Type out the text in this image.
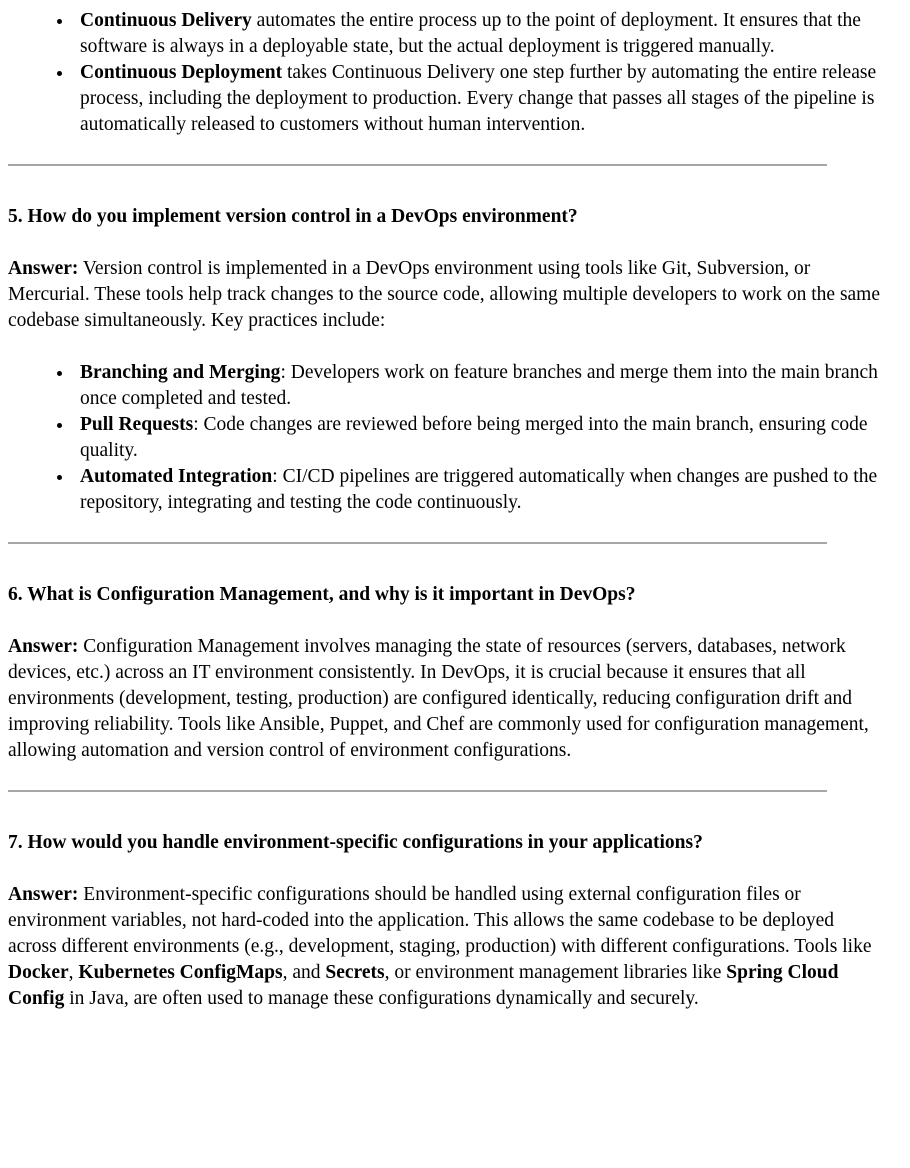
• Continuous Delivery automates the entire process up to the point of deployment. It ensures that the software is always in a deployable state, but the actual deployment is triggered manually.
• Continuous Deployment takes Continuous Delivery one step further by automating the entire release process, including the deployment to production. Every change that passes all stages of the pipeline is automatically released to customers without human intervention.
5. How do you implement version control in a DevOps environment?

Answer: Version control is implemented in a DevOps environment using tools like Git, Subversion, or Mercurial. These tools help track changes to the source code, allowing multiple developers to work on the same codebase simultaneously. Key practices include:

• Branching and Merging: Developers work on feature branches and merge them into the main branch once completed and tested.
• Pull Requests: Code changes are reviewed before being merged into the main branch, ensuring code quality.
• Automated Integration: CI/CD pipelines are triggered automatically when changes are pushed to the repository, integrating and testing the code continuously.
6. What is Configuration Management, and why is it important in DevOps?

Answer: Configuration Management involves managing the state of resources (servers, databases, network devices, etc.) across an IT environment consistently. In DevOps, it is crucial because it ensures that all environments (development, testing, production) are configured identically, reducing configuration drift and improving reliability. Tools like Ansible, Puppet, and Chef are commonly used for configuration management, allowing automation and version control of environment configurations.

7. How would you handle environment-specific configurations in your applications?

Answer: Environment-specific configurations should be handled using external configuration files or environment variables, not hard-coded into the application. This allows the same codebase to be deployed across different environments (e.g., development, staging, production) with different configurations. Tools like Docker, Kubernetes ConfigMaps, and Secrets, or environment management libraries like Spring Cloud Config in Java, are often used to manage these configurations dynamically and securely.
